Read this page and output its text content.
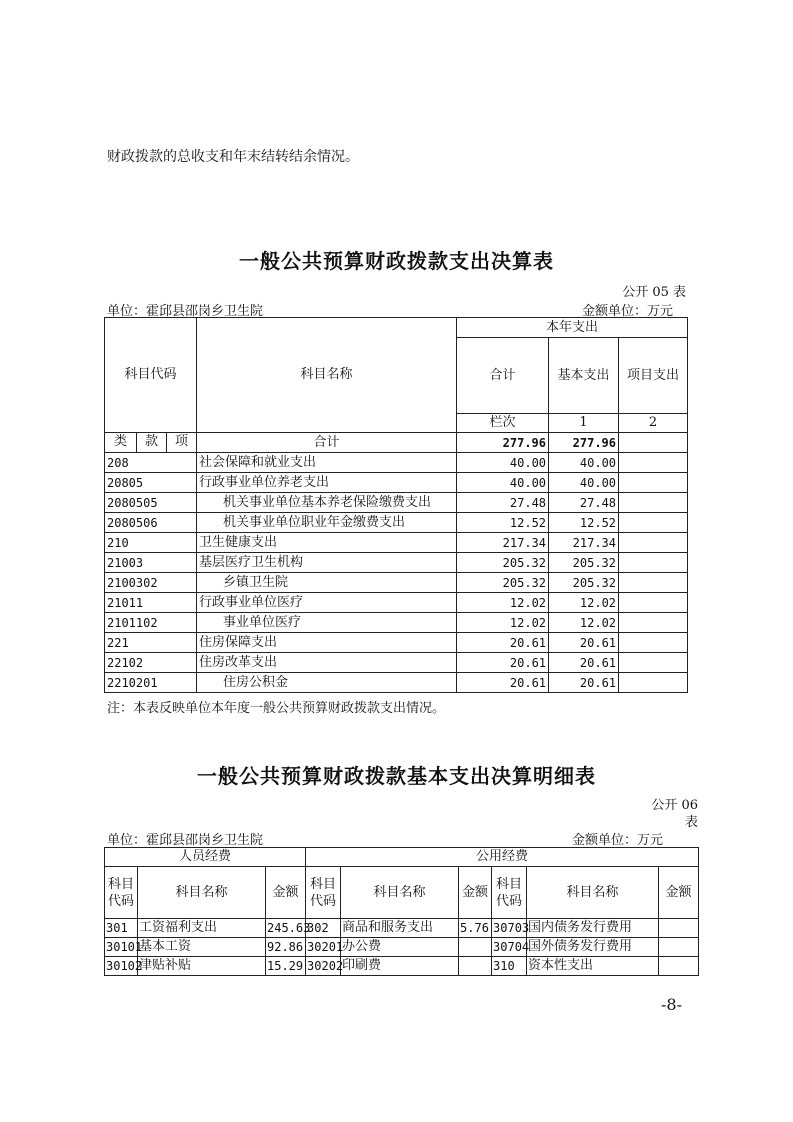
财政拨款的总收支和年末结转结余情况。
一般公共预算财政拨款支出决算表
公开 05 表
单位：霍邱县邵岗乡卫生院	金额单位：万元
科目代码			科目名称	本年支出			
				合计	基本支出	项目支出	
				栏次	1	2	
类	款	项	合计	277.96	277.96		
208			社会保障和就业支出	40.00	40.00		
20805			行政事业单位养老支出	40.00	40.00		
2080505			机关事业单位基本养老保险缴费支出	27.48	27.48		
2080506			机关事业单位职业年金缴费支出	12.52	12.52		
210			卫生健康支出	217.34	217.34		
21003			基层医疗卫生机构	205.32	205.32		
2100302			乡镇卫生院	205.32	205.32		
21011			行政事业单位医疗	12.02	12.02		
2101102			事业单位医疗	12.02	12.02		
221			住房保障支出	20.61	20.61		
22102			住房改革支出	20.61	20.61		
2210201			住房公积金	20.61	20.61		
注：本表反映单位本年度一般公共预算财政拨款支出情况。
一般公共预算财政拨款基本支出决算明细表
公开 06
表
单位：霍邱县邵岗乡卫生院	金额单位：万元
人员经费			公用经费					
科目代码	科目名称	金额	科目代码	科目名称	金额	科目代码	科目名称	金额
301	工资福利支出	245.63	302	商品和服务支出	5.76	30703	国内债务发行费用	
30101	基本工资	92.86	30201	办公费		30704	国外债务发行费用	
30102	津贴补贴	15.29	30202	印刷费		310	资本性支出	
-8-
